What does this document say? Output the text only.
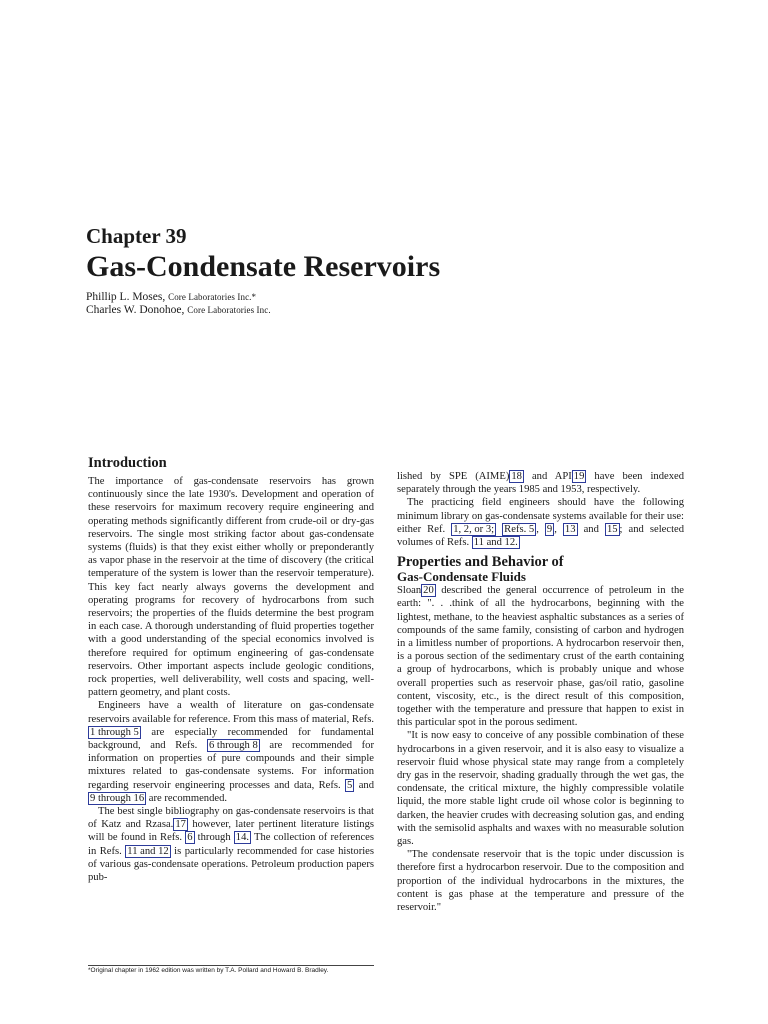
Chapter 39
Gas-Condensate Reservoirs
Phillip L. Moses, Core Laboratories Inc.*
Charles W. Donohoe, Core Laboratories Inc.
Introduction

The importance of gas-condensate reservoirs has grown continuously since the late 1930's. Development and operation of these reservoirs for maximum recovery require engineering and operating methods significantly different from crude-oil or dry-gas reservoirs. The single most striking factor about gas-condensate systems (fluids) is that they exist either wholly or preponderantly as vapor phase in the reservoir at the time of discovery (the critical temperature of the system is lower than the reservoir temperature). This key fact nearly always governs the development and operating programs for recovery of hydrocarbons from such reservoirs; the properties of the fluids determine the best program in each case. A thorough understanding of fluid properties together with a good understanding of the special economics involved is therefore required for optimum engineering of gas-condensate reservoirs. Other important aspects include geologic conditions, rock properties, well deliverability, well costs and spacing, well-pattern geometry, and plant costs.

Engineers have a wealth of literature on gas-condensate reservoirs available for reference. From this mass of material, Refs. 1 through 5 are especially recommended for fundamental background, and Refs. 6 through 8 are recommended for information on properties of pure compounds and their simple mixtures related to gas-condensate systems. For information regarding reservoir engineering processes and data, Refs. 5 and 9 through 16 are recommended.

The best single bibliography on gas-condensate reservoirs is that of Katz and Rzasa. 17 however, later pertinent literature listings will be found in Refs. 6 through 14. The collection of references in Refs. 11 and 12 is particularly recommended for case histories of various gas-condensate operations. Petroleum production papers pub-

lished by SPE (AIME) 18 and API 19 have been indexed separately through the years 1985 and 1953, respectively.

The practicing field engineers should have the following minimum library on gas-condensate systems available for their use: either Ref. 1, 2, or 3; Refs. 5 , 9 , 13 and 15 ; and selected volumes of Refs. 11 and 12.

Properties and Behavior of
Gas-Condensate Fluids

Sloan 20 described the general occurrence of petroleum in the earth: ". . .think of all the hydrocarbons, beginning with the lightest, methane, to the heaviest asphaltic substances as a series of compounds of the same family, consisting of carbon and hydrogen in a limitless number of proportions. A hydrocarbon reservoir then, is a porous section of the sedimentary crust of the earth containing a group of hydrocarbons, which is probably unique and whose overall properties such as reservoir phase, gas/oil ratio, gasoline content, viscosity, etc., is the direct result of this composition, together with the temperature and pressure that happen to exist in this particular spot in the porous sediment.

"It is now easy to conceive of any possible combination of these hydrocarbons in a given reservoir, and it is also easy to visualize a reservoir fluid whose physical state may range from a completely dry gas in the reservoir, shading gradually through the wet gas, the condensate, the critical mixture, the highly compressible volatile liquid, the more stable light crude oil whose color is beginning to darken, the heavier crudes with decreasing solution gas, and ending with the semisolid asphalts and waxes with no measurable solution gas.

"The condensate reservoir that is the topic under discussion is therefore first a hydrocarbon reservoir. Due to the composition and proportion of the individual hydrocarbons in the mixtures, the content is gas phase at the temperature and pressure of the reservoir."

*Original chapter in 1962 edition was written by T.A. Pollard and Howard B. Bradley.
